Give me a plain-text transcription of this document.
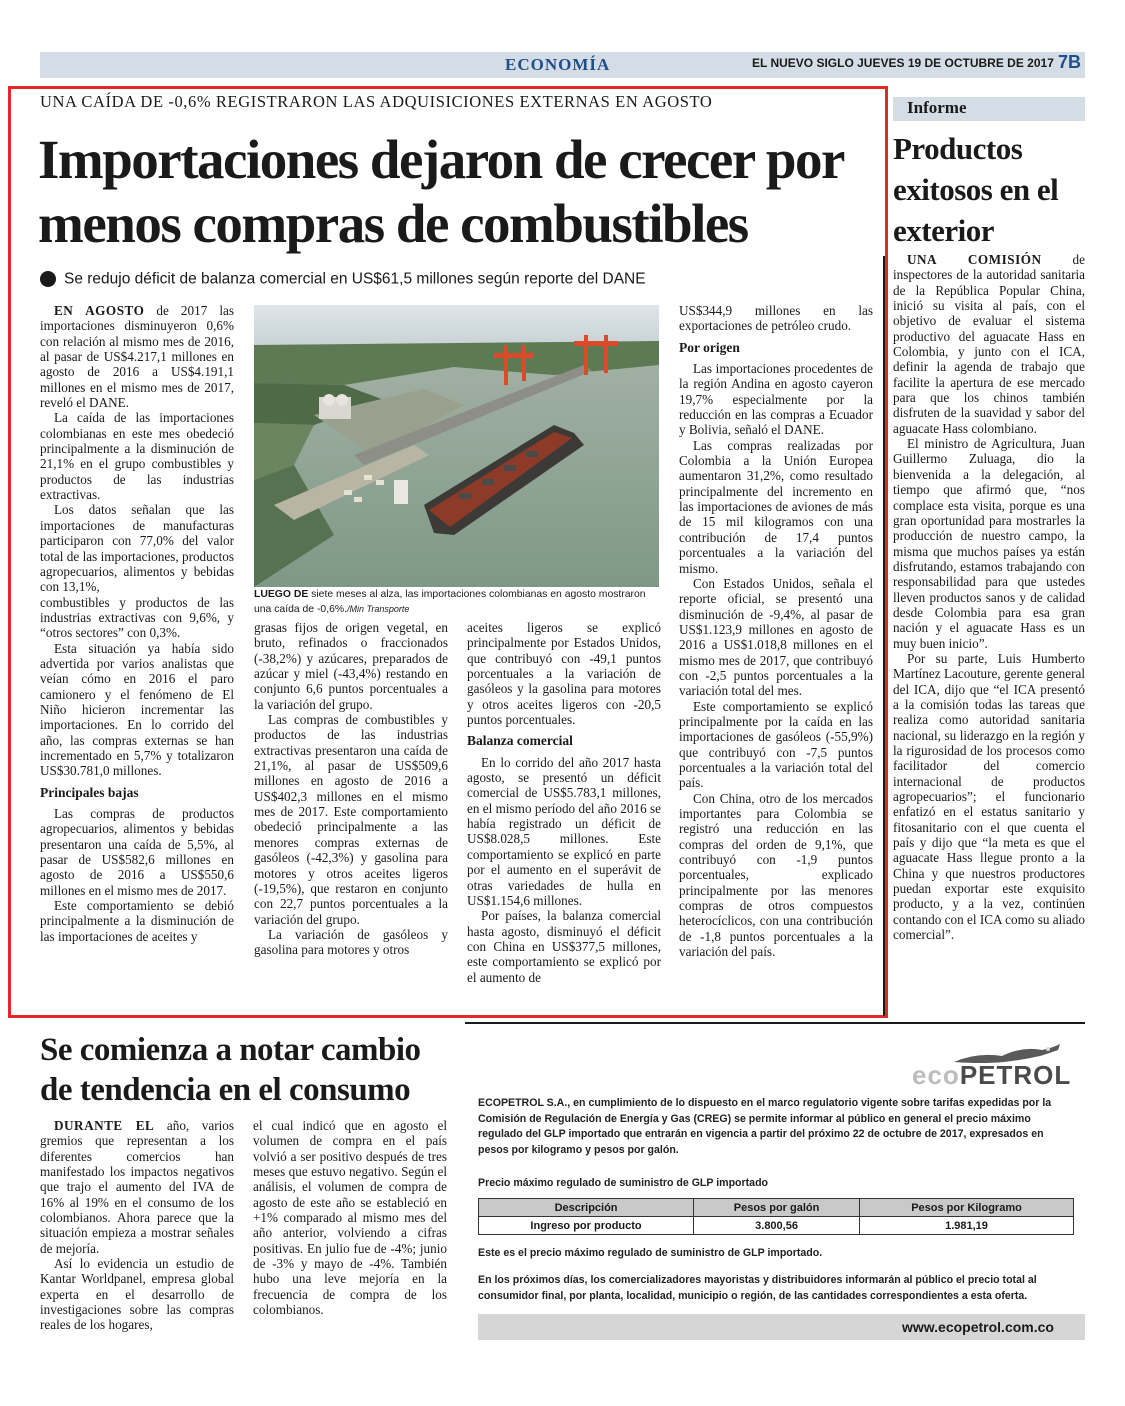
ECONOMÍA	EL NUEVO SIGLO JUEVES 19 DE OCTUBRE DE 2017 7B
UNA CAÍDA DE -0,6% REGISTRARON LAS ADQUISICIONES EXTERNAS EN AGOSTO
Importaciones dejaron de crecer por menos compras de combustibles
Se redujo déficit de balanza comercial en US$61,5 millones según reporte del DANE

EN AGOSTO de 2017 las importaciones disminuyeron 0,6% con relación al mismo mes de 2016, al pasar de US$4.217,1 millones en agosto de 2016 a US$4.191,1 millones en el mismo mes de 2017, reveló el DANE.

La caída de las importaciones colombianas en este mes obedeció principalmente a la disminución de 21,1% en el grupo combustibles y productos de las industrias extractivas.

Los datos señalan que las importaciones de manufacturas participaron con 77,0% del valor total de las importaciones, productos agropecuarios, alimentos y bebidas con 13,1%,

combustibles y productos de las industrias extractivas con 9,6%, y “otros sectores” con 0,3%.

Esta situación ya había sido advertida por varios analistas que veían cómo en 2016 el paro camionero y el fenómeno de El Niño hicieron incrementar las importaciones. En lo corrido del año, las compras externas se han incrementado en 5,7% y totalizaron US$30.781,0 millones.

Principales bajas

Las compras de productos agropecuarios, alimentos y bebidas presentaron una caída de 5,5%, al pasar de US$582,6 millones en agosto de 2016 a US$550,6 millones en el mismo mes de 2017.

Este comportamiento se debió principalmente a la disminución de las importaciones de aceites y

LUEGO DE siete meses al alza, las importaciones colombianas en agosto mostraron una caída de -0,6%./Min Transporte

grasas fijos de origen vegetal, en bruto, refinados o fraccionados (-38,2%) y azúcares, preparados de azúcar y miel (-43,4%) restando en conjunto 6,6 puntos porcentuales a la variación del grupo.

Las compras de combustibles y productos de las industrias extractivas presentaron una caída de 21,1%, al pasar de US$509,6 millones en agosto de 2016 a US$402,3 millones en el mismo mes de 2017. Este comportamiento obedeció principalmente a las menores compras externas de gasóleos (-42,3%) y gasolina para motores y otros aceites ligeros (-19,5%), que restaron en conjunto con 22,7 puntos porcentuales a la variación del grupo.

La variación de gasóleos y gasolina para motores y otros

aceites ligeros se explicó principalmente por Estados Unidos, que contribuyó con -49,1 puntos porcentuales a la variación de gasóleos y la gasolina para motores y otros aceites ligeros con -20,5 puntos porcentuales.

Balanza comercial

En lo corrido del año 2017 hasta agosto, se presentó un déficit comercial de US$5.783,1 millones, en el mismo período del año 2016 se había registrado un déficit de US$8.028,5 millones. Este comportamiento se explicó en parte por el aumento en el superávit de otras variedades de hulla en US$1.154,6 millones.

Por países, la balanza comercial hasta agosto, disminuyó el déficit con China en US$377,5 millones, este comportamiento se explicó por el aumento de

US$344,9 millones en las exportaciones de petróleo crudo.

Por origen

Las importaciones procedentes de la región Andina en agosto cayeron 19,7% especialmente por la reducción en las compras a Ecuador y Bolivia, señaló el DANE.

Las compras realizadas por Colombia a la Unión Europea aumentaron 31,2%, como resultado principalmente del incremento en las importaciones de aviones de más de 15 mil kilogramos con una contribución de 17,4 puntos porcentuales a la variación del mismo.

Con Estados Unidos, señala el reporte oficial, se presentó una disminución de -9,4%, al pasar de US$1.123,9 millones en agosto de 2016 a US$1.018,8 millones en el mismo mes de 2017, que contribuyó con -2,5 puntos porcentuales a la variación total del mes.

Este comportamiento se explicó principalmente por la caída en las importaciones de gasóleos (-55,9%) que contribuyó con -7,5 puntos porcentuales a la variación total del país.

Con China, otro de los mercados importantes para Colombia se registró una reducción en las compras del orden de 9,1%, que contribuyó con -1,9 puntos porcentuales, explicado principalmente por las menores compras de otros compuestos heterocíclicos, con una contribución de -1,8 puntos porcentuales a la variación del país.

Informe
Productos exitosos en el exterior

UNA COMISIÓN de inspectores de la autoridad sanitaria de la República Popular China, inició su visita al país, con el objetivo de evaluar el sistema productivo del aguacate Hass en Colombia, y junto con el ICA, definir la agenda de trabajo que facilite la apertura de ese mercado para que los chinos también disfruten de la suavidad y sabor del aguacate Hass colombiano.

El ministro de Agricultura, Juan Guillermo Zuluaga, dio la bienvenida a la delegación, al tiempo que afirmó que, “nos complace esta visita, porque es una gran oportunidad para mostrarles la producción de nuestro campo, la misma que muchos países ya están disfrutando, estamos trabajando con responsabilidad para que ustedes lleven productos sanos y de calidad desde Colombia para esa gran nación y el aguacate Hass es un muy buen inicio”.

Por su parte, Luis Humberto Martínez Lacouture, gerente general del ICA, dijo que “el ICA presentó a la comisión todas las tareas que realiza como autoridad sanitaria nacional, su liderazgo en la región y la rigurosidad de los procesos como facilitador del comercio internacional de productos agropecuarios”; el funcionario enfatizó en el estatus sanitario y fitosanitario con el que cuenta el país y dijo que “la meta es que el aguacate Hass llegue pronto a la China y que nuestros productores puedan exportar este exquisito producto, y a la vez, continúen contando con el ICA como su aliado comercial”.

Se comienza a notar cambio de tendencia en el consumo

DURANTE EL año, varios gremios que representan a los diferentes comercios han manifestado los impactos negativos que trajo el aumento del IVA de 16% al 19% en el consumo de los colombianos. Ahora parece que la situación empieza a mostrar señales de mejoría.

Así lo evidencia un estudio de Kantar Worldpanel, empresa global experta en el desarrollo de investigaciones sobre las compras reales de los hogares,

el cual indicó que en agosto el volumen de compra en el país volvió a ser positivo después de tres meses que estuvo negativo. Según el análisis, el volumen de compra de agosto de este año se estableció en +1% comparado al mismo mes del año anterior, volviendo a cifras positivas. En julio fue de -4%; junio de -3% y mayo de -4%. También hubo una leve mejoría en la frecuencia de compra de los colombianos.

ecoPETROL
ECOPETROL S.A., en cumplimiento de lo dispuesto en el marco regulatorio vigente sobre tarifas expedidas por la Comisión de Regulación de Energía y Gas (CREG) se permite informar al público en general el precio máximo regulado del GLP importado que entrarán en vigencia a partir del próximo 22 de octubre de 2017, expresados en pesos por kilogramo y pesos por galón.
Precio máximo regulado de suministro de GLP importado
Descripción	Pesos por galón	Pesos por Kilogramo
Ingreso por producto	3.800,56	1.981,19
Este es el precio máximo regulado de suministro de GLP importado.
En los próximos días, los comercializadores mayoristas y distribuidores informarán al público el precio total al consumidor final, por planta, localidad, municipio o región, de las cantidades correspondientes a esta oferta.
www.ecopetrol.com.co
